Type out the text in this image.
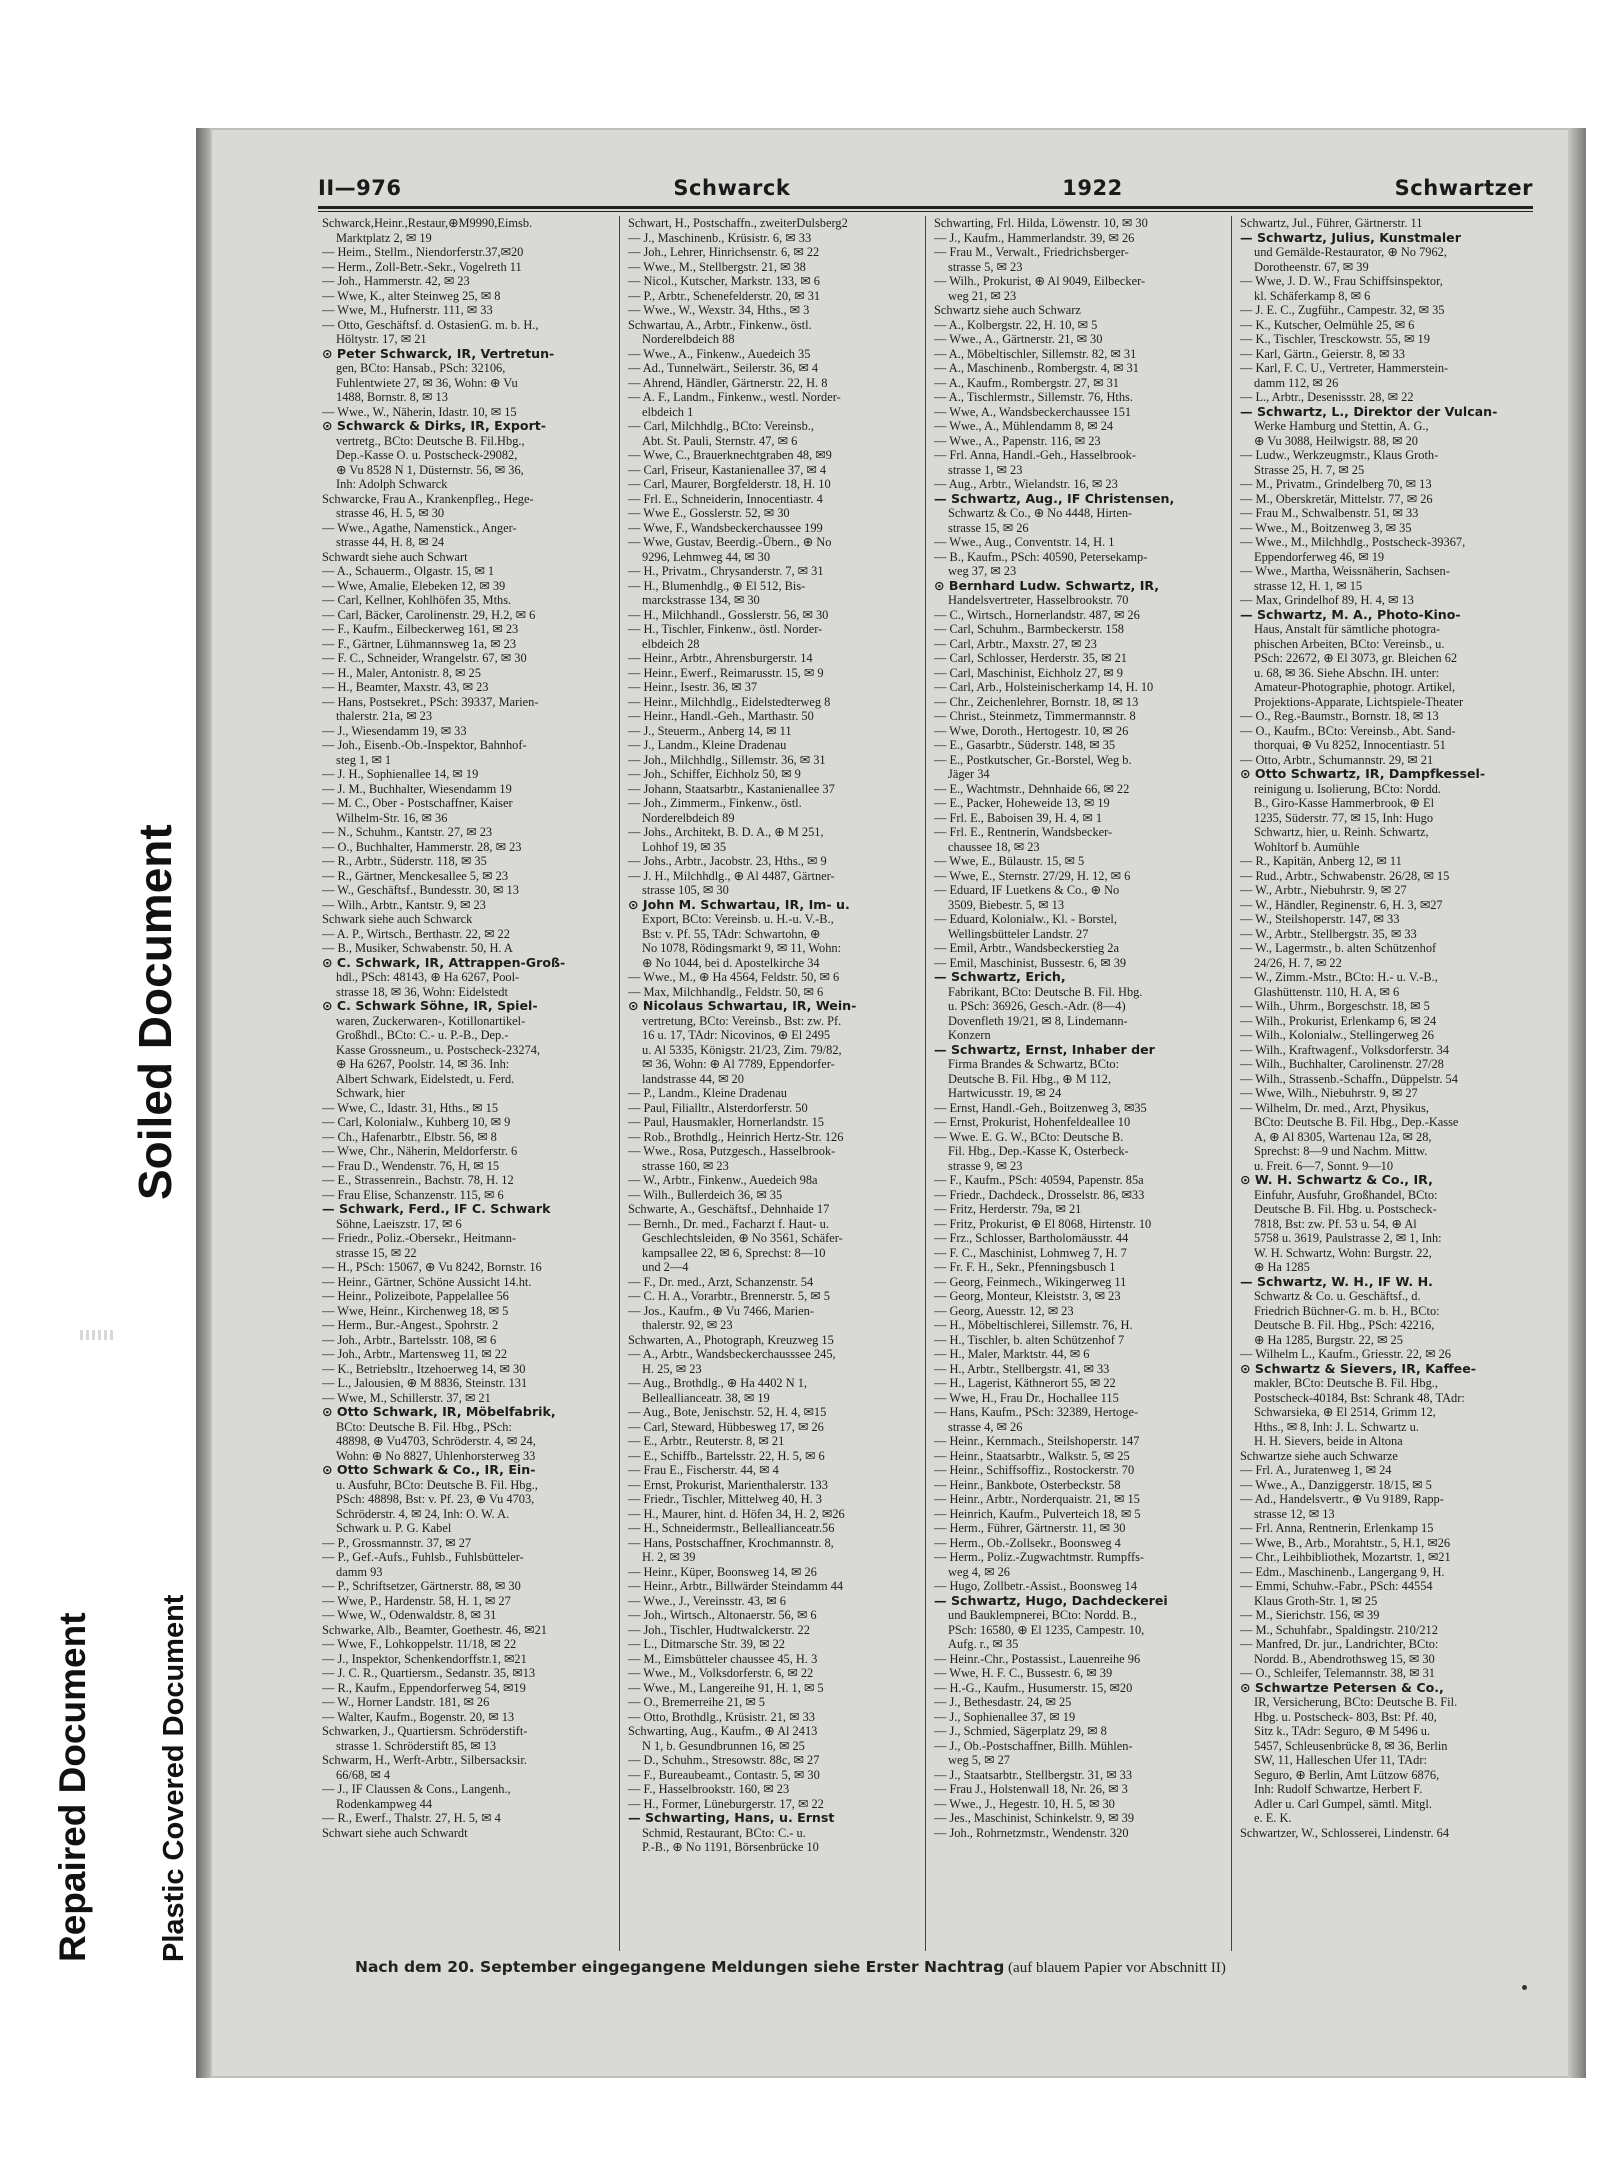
II—976	Schwarck	1922	Schwartzer
Schwarck,Heinr.,Restaur,⊕M9990,Eimsb.
Marktplatz 2, ✉ 19
— Heim., Stellm., Niendorferstr.37,✉20
— Herm., Zoll-Betr.-Sekr., Vogelreth 11
— Joh., Hammerstr. 42, ✉ 23
— Wwe, K., alter Steinweg 25, ✉ 8
— Wwe, M., Hufnerstr. 111, ✉ 33
— Otto, Geschäftsf. d. OstasienG. m. b. H.,
Höltystr. 17, ✉ 21
⊙ Peter Schwarck, IR, Vertretun-
gen, BCto: Hansab., PSch: 32106,
Fuhlentwiete 27, ✉ 36, Wohn: ⊕ Vu
1488, Bornstr. 8, ✉ 13
— Wwe., W., Näherin, Idastr. 10, ✉ 15
⊙ Schwarck & Dirks, IR, Export-
vertretg., BCto: Deutsche B. Fil.Hbg.,
Dep.-Kasse O. u. Postscheck-29082,
⊕ Vu 8528 N 1, Düsternstr. 56, ✉ 36,
Inh: Adolph Schwarck
Schwarcke, Frau A., Krankenpfleg., Hege-
strasse 46, H. 5, ✉ 30
— Wwe., Agathe, Namenstick., Anger-
strasse 44, H. 8, ✉ 24
Schwardt siehe auch Schwart
— A., Schauerm., Olgastr. 15, ✉ 1
— Wwe, Amalie, Elebeken 12, ✉ 39
— Carl, Kellner, Kohlhöfen 35, Mths.
— Carl, Bäcker, Carolinenstr. 29, H.2, ✉ 6
— F., Kaufm., Eilbeckerweg 161, ✉ 23
— F., Gärtner, Lühmannsweg 1a, ✉ 23
— F. C., Schneider, Wrangelstr. 67, ✉ 30
— H., Maler, Antonistr. 8, ✉ 25
— H., Beamter, Maxstr. 43, ✉ 23
— Hans, Postsekret., PSch: 39337, Marien-
thalerstr. 21a, ✉ 23
— J., Wiesendamm 19, ✉ 33
— Joh., Eisenb.-Ob.-Inspektor, Bahnhof-
steg 1, ✉ 1
— J. H., Sophienallee 14, ✉ 19
— J. M., Buchhalter, Wiesendamm 19
— M. C., Ober - Postschaffner, Kaiser
Wilhelm-Str. 16, ✉ 36
— N., Schuhm., Kantstr. 27, ✉ 23
— O., Buchhalter, Hammerstr. 28, ✉ 23
— R., Arbtr., Süderstr. 118, ✉ 35
— R., Gärtner, Menckesallee 5, ✉ 23
— W., Geschäftsf., Bundesstr. 30, ✉ 13
— Wilh., Arbtr., Kantstr. 9, ✉ 23
Schwark siehe auch Schwarck
— A. P., Wirtsch., Berthastr. 22, ✉ 22
— B., Musiker, Schwabenstr. 50, H. A
⊙ C. Schwark, IR, Attrappen-Groß-
hdl., PSch: 48143, ⊕ Ha 6267, Pool-
strasse 18, ✉ 36, Wohn: Eidelstedt
⊙ C. Schwark Söhne, IR, Spiel-
waren, Zuckerwaren-, Kotillonartikel-
Großhdl., BCto: C.- u. P.-B., Dep.-
Kasse Grossneum., u. Postscheck-23274,
⊕ Ha 6267, Poolstr. 14, ✉ 36. Inh:
Albert Schwark, Eidelstedt, u. Ferd.
Schwark, hier
— Wwe, C., Idastr. 31, Hths., ✉ 15
— Carl, Kolonialw., Kuhberg 10, ✉ 9
— Ch., Hafenarbtr., Elbstr. 56, ✉ 8
— Wwe, Chr., Näherin, Meldorferstr. 6
— Frau D., Wendenstr. 76, H, ✉ 15
— E., Strassenrein., Bachstr. 78, H. 12
— Frau Elise, Schanzenstr. 115, ✉ 6
— Schwark, Ferd., IF C. Schwark
Söhne, Laeiszstr. 17, ✉ 6
— Friedr., Poliz.-Obersekr., Heitmann-
strasse 15, ✉ 22
— H., PSch: 15067, ⊕ Vu 8242, Bornstr. 16
— Heinr., Gärtner, Schöne Aussicht 14.ht.
— Heinr., Polizeibote, Pappelallee 56
— Wwe, Heinr., Kirchenweg 18, ✉ 5
— Herm., Bur.-Angest., Spohrstr. 2
— Joh., Arbtr., Bartelsstr. 108, ✉ 6
— Joh., Arbtr., Martensweg 11, ✉ 22
— K., Betriebsltr., Itzehoerweg 14, ✉ 30
— L., Jalousien, ⊕ M 8836, Steinstr. 131
— Wwe, M., Schillerstr. 37, ✉ 21
⊙ Otto Schwark, IR, Möbelfabrik,
BCto: Deutsche B. Fil. Hbg., PSch:
48898, ⊕ Vu4703, Schröderstr. 4, ✉ 24,
Wohn: ⊕ No 8827, Uhlenhorsterweg 33
⊙ Otto Schwark & Co., IR, Ein-
u. Ausfuhr, BCto: Deutsche B. Fil. Hbg.,
PSch: 48898, Bst: v. Pf. 23, ⊕ Vu 4703,
Schröderstr. 4, ✉ 24, Inh: O. W. A.
Schwark u. P. G. Kabel
— P., Grossmannstr. 37, ✉ 27
— P., Gef.-Aufs., Fuhlsb., Fuhlsbütteler-
damm 93
— P., Schriftsetzer, Gärtnerstr. 88, ✉ 30
— Wwe, P., Hardenstr. 58, H. 1, ✉ 27
— Wwe, W., Odenwaldstr. 8, ✉ 31
Schwarke, Alb., Beamter, Goethestr. 46, ✉21
— Wwe, F., Lohkoppelstr. 11/18, ✉ 22
— J., Inspektor, Schenkendorffstr.1, ✉21
— J. C. R., Quartiersm., Sedanstr. 35, ✉13
— R., Kaufm., Eppendorferweg 54, ✉19
— W., Horner Landstr. 181, ✉ 26
— Walter, Kaufm., Bogenstr. 20, ✉ 13
Schwarken, J., Quartiersm. Schröderstift-
strasse 1. Schröderstift 85, ✉ 13
Schwarm, H., Werft-Arbtr., Silbersacksir.
66/68, ✉ 4
— J., IF Claussen & Cons., Langenh.,
Rodenkampweg 44
— R., Ewerf., Thalstr. 27, H. 5, ✉ 4
Schwart siehe auch Schwardt
Schwart, H., Postschaffn., zweiterDulsberg2
— J., Maschinenb., Krüsistr. 6, ✉ 33
— Joh., Lehrer, Hinrichsenstr. 6, ✉ 22
— Wwe., M., Stellbergstr. 21, ✉ 38
— Nicol., Kutscher, Markstr. 133, ✉ 6
— P., Arbtr., Schenefelderstr. 20, ✉ 31
— Wwe., W., Wexstr. 34, Hths., ✉ 3
Schwartau, A., Arbtr., Finkenw., östl.
Norderelbdeich 88
— Wwe., A., Finkenw., Auedeich 35
— Ad., Tunnelwärt., Seilerstr. 36, ✉ 4
— Ahrend, Händler, Gärtnerstr. 22, H. 8
— A. F., Landm., Finkenw., westl. Norder-
elbdeich 1
— Carl, Milchhdlg., BCto: Vereinsb.,
Abt. St. Pauli, Sternstr. 47, ✉ 6
— Wwe, C., Brauerknechtgraben 48, ✉9
— Carl, Friseur, Kastanienallee 37, ✉ 4
— Carl, Maurer, Borgfelderstr. 18, H. 10
— Frl. E., Schneiderin, Innocentiastr. 4
— Wwe E., Gosslerstr. 52, ✉ 30
— Wwe, F., Wandsbeckerchaussee 199
— Wwe, Gustav, Beerdig.-Übern., ⊕ No
9296, Lehmweg 44, ✉ 30
— H., Privatm., Chrysanderstr. 7, ✉ 31
— H., Blumenhdlg., ⊕ El 512, Bis-
marckstrasse 134, ✉ 30
— H., Milchhandl., Gosslerstr. 56, ✉ 30
— H., Tischler, Finkenw., östl. Norder-
elbdeich 28
— Heinr., Arbtr., Ahrensburgerstr. 14
— Heinr., Ewerf., Reimarusstr. 15, ✉ 9
— Heinr., Isestr. 36, ✉ 37
— Heinr., Milchhdlg., Eidelstedterweg 8
— Heinr., Handl.-Geh., Marthastr. 50
— J., Steuerm., Anberg 14, ✉ 11
— J., Landm., Kleine Dradenau
— Joh., Milchhdlg., Sillemstr. 36, ✉ 31
— Joh., Schiffer, Eichholz 50, ✉ 9
— Johann, Staatsarbtr., Kastanienallee 37
— Joh., Zimmerm., Finkenw., östl.
Norderelbdeich 89
— Johs., Architekt, B. D. A., ⊕ M 251,
Lohhof 19, ✉ 35
— Johs., Arbtr., Jacobstr. 23, Hths., ✉ 9
— J. H., Milchhdlg., ⊕ Al 4487, Gärtner-
strasse 105, ✉ 30
⊙ John M. Schwartau, IR, Im- u.
Export, BCto: Vereinsb. u. H.-u. V.-B.,
Bst: v. Pf. 55, TAdr: Schwartohn, ⊕
No 1078, Rödingsmarkt 9, ✉ 11, Wohn:
⊕ No 1044, bei d. Apostelkirche 34
— Wwe., M., ⊕ Ha 4564, Feldstr. 50, ✉ 6
— Max, Milchhandlg., Feldstr. 50, ✉ 6
⊙ Nicolaus Schwartau, IR, Wein-
vertretung, BCto: Vereinsb., Bst: zw. Pf.
16 u. 17, TAdr: Nicovinos, ⊕ El 2495
u. Al 5335, Königstr. 21/23, Zim. 79/82,
✉ 36, Wohn: ⊕ Al 7789, Eppendorfer-
landstrasse 44, ✉ 20
— P., Landm., Kleine Dradenau
— Paul, Filialltr., Alsterdorferstr. 50
— Paul, Hausmakler, Hornerlandstr. 15
— Rob., Brothdlg., Heinrich Hertz-Str. 126
— Wwe., Rosa, Putzgesch., Hasselbrook-
strasse 160, ✉ 23
— W., Arbtr., Finkenw., Auedeich 98a
— Wilh., Bullerdeich 36, ✉ 35
Schwarte, A., Geschäftsf., Dehnhaide 17
— Bernh., Dr. med., Facharzt f. Haut- u.
Geschlechtsleiden, ⊕ No 3561, Schäfer-
kampsallee 22, ✉ 6, Sprechst: 8—10
und 2—4
— F., Dr. med., Arzt, Schanzenstr. 54
— C. H. A., Vorarbtr., Brennerstr. 5, ✉ 5
— Jos., Kaufm., ⊕ Vu 7466, Marien-
thalerstr. 92, ✉ 23
Schwarten, A., Photograph, Kreuzweg 15
— A., Arbtr., Wandsbeckerchausssee 245,
H. 25, ✉ 23
— Aug., Brothdlg., ⊕ Ha 4402 N 1,
Belleallianceatr. 38, ✉ 19
— Aug., Bote, Jenischstr. 52, H. 4, ✉15
— Carl, Steward, Hübbesweg 17, ✉ 26
— E., Arbtr., Reuterstr. 8, ✉ 21
— E., Schiffb., Bartelsstr. 22, H. 5, ✉ 6
— Frau E., Fischerstr. 44, ✉ 4
— Ernst, Prokurist, Marienthalerstr. 133
— Friedr., Tischler, Mittelweg 40, H. 3
— H., Maurer, hint. d. Höfen 34, H. 2, ✉26
— H., Schneidermstr., Belleallianceatr.56
— Hans, Postschaffner, Krochmannstr. 8,
H. 2, ✉ 39
— Heinr., Küper, Boonsweg 14, ✉ 26
— Heinr., Arbtr., Billwärder Steindamm 44
— Wwe., J., Vereinsstr. 43, ✉ 6
— Joh., Wirtsch., Altonaerstr. 56, ✉ 6
— Joh., Tischler, Hudtwalckerstr. 22
— L., Ditmarsche Str. 39, ✉ 22
— M., Eimsbütteler chaussee 45, H. 3
— Wwe., M., Volksdorferstr. 6, ✉ 22
— Wwe., M., Langereihe 91, H. 1, ✉ 5
— O., Bremerreihe 21, ✉ 5
— Otto, Brothdlg., Krüsistr. 21, ✉ 33
Schwarting, Aug., Kaufm., ⊕ Al 2413
N 1, b. Gesundbrunnen 16, ✉ 25
— D., Schuhm., Stresowstr. 88c, ✉ 27
— F., Bureaubeamt., Contastr. 5, ✉ 30
— F., Hasselbrookstr. 160, ✉ 23
— H., Former, Lüneburgerstr. 17, ✉ 22
— Schwarting, Hans, u. Ernst
Schmid, Restaurant, BCto: C.- u.
P.-B., ⊕ No 1191, Börsenbrücke 10
Schwarting, Frl. Hilda, Löwenstr. 10, ✉ 30
— J., Kaufm., Hammerlandstr. 39, ✉ 26
— Frau M., Verwalt., Friedrichsberger-
strasse 5, ✉ 23
— Wilh., Prokurist, ⊕ Al 9049, Eilbecker-
weg 21, ✉ 23
Schwartz siehe auch Schwarz
— A., Kolbergstr. 22, H. 10, ✉ 5
— Wwe., A., Gärtnerstr. 21, ✉ 30
— A., Möbeltischler, Sillemstr. 82, ✉ 31
— A., Maschinenb., Rombergstr. 4, ✉ 31
— A., Kaufm., Rombergstr. 27, ✉ 31
— A., Tischlermstr., Sillemstr. 76, Hths.
— Wwe, A., Wandsbeckerchaussee 151
— Wwe., A., Mühlendamm 8, ✉ 24
— Wwe., A., Papenstr. 116, ✉ 23
— Frl. Anna, Handl.-Geh., Hasselbrook-
strasse 1, ✉ 23
— Aug., Arbtr., Wielandstr. 16, ✉ 23
— Schwartz, Aug., IF Christensen,
Schwartz & Co., ⊕ No 4448, Hirten-
strasse 15, ✉ 26
— Wwe., Aug., Conventstr. 14, H. 1
— B., Kaufm., PSch: 40590, Petersekamp-
weg 37, ✉ 23
⊙ Bernhard Ludw. Schwartz, IR,
Handelsvertreter, Hasselbrookstr. 70
— C., Wirtsch., Hornerlandstr. 487, ✉ 26
— Carl, Schuhm., Barmbeckerstr. 158
— Carl, Arbtr., Maxstr. 27, ✉ 23
— Carl, Schlosser, Herderstr. 35, ✉ 21
— Carl, Maschinist, Eichholz 27, ✉ 9
— Carl, Arb., Holsteinischerkamp 14, H. 10
— Chr., Zeichenlehrer, Bornstr. 18, ✉ 13
— Christ., Steinmetz, Timmermannstr. 8
— Wwe, Doroth., Hertogestr. 10, ✉ 26
— E., Gasarbtr., Süderstr. 148, ✉ 35
— E., Postkutscher, Gr.-Borstel, Weg b.
Jäger 34
— E., Wachtmstr., Dehnhaide 66, ✉ 22
— E., Packer, Hoheweide 13, ✉ 19
— Frl. E., Baboisen 39, H. 4, ✉ 1
— Frl. E., Rentnerin, Wandsbecker-
chaussee 18, ✉ 23
— Wwe, E., Bülaustr. 15, ✉ 5
— Wwe, E., Sternstr. 27/29, H. 12, ✉ 6
— Eduard, IF Luetkens & Co., ⊕ No
3509, Biebestr. 5, ✉ 13
— Eduard, Kolonialw., Kl. - Borstel,
Wellingsbütteler Landstr. 27
— Emil, Arbtr., Wandsbeckerstieg 2a
— Emil, Maschinist, Bussestr. 6, ✉ 39
— Schwartz, Erich,
Fabrikant, BCto: Deutsche B. Fil. Hbg.
u. PSch: 36926, Gesch.-Adr. (8—4)
Dovenfleth 19/21, ✉ 8, Lindemann-
Konzern
— Schwartz, Ernst, Inhaber der
Firma Brandes & Schwartz, BCto:
Deutsche B. Fil. Hbg., ⊕ M 112,
Hartwicusstr. 19, ✉ 24
— Ernst, Handl.-Geh., Boitzenweg 3, ✉35
— Ernst, Prokurist, Hohenfeldeallee 10
— Wwe. E. G. W., BCto: Deutsche B.
Fil. Hbg., Dep.-Kasse K, Osterbeck-
strasse 9, ✉ 23
— F., Kaufm., PSch: 40594, Papenstr. 85a
— Friedr., Dachdeck., Drosselstr. 86, ✉33
— Fritz, Herderstr. 79a, ✉ 21
— Fritz, Prokurist, ⊕ El 8068, Hirtenstr. 10
— Frz., Schlosser, Bartholomäusstr. 44
— F. C., Maschinist, Lohmweg 7, H. 7
— Fr. F. H., Sekr., Pfenningsbusch 1
— Georg, Feinmech., Wikingerweg 11
— Georg, Monteur, Kleiststr. 3, ✉ 23
— Georg, Auesstr. 12, ✉ 23
— H., Möbeltischlerei, Sillemstr. 76, H.
— H., Tischler, b. alten Schützenhof 7
— H., Maler, Marktstr. 44, ✉ 6
— H., Arbtr., Stellbergstr. 41, ✉ 33
— H., Lagerist, Käthnerort 55, ✉ 22
— Wwe, H., Frau Dr., Hochallee 115
— Hans, Kaufm., PSch: 32389, Hertoge-
strasse 4, ✉ 26
— Heinr., Kernmach., Steilshoperstr. 147
— Heinr., Staatsarbtr., Walkstr. 5, ✉ 25
— Heinr., Schiffsoffiz., Rostockerstr. 70
— Heinr., Bankbote, Osterbeckstr. 58
— Heinr., Arbtr., Norderquaistr. 21, ✉ 15
— Heinrich, Kaufm., Pulverteich 18, ✉ 5
— Herm., Führer, Gärtnerstr. 11, ✉ 30
— Herm., Ob.-Zollsekr., Boonsweg 4
— Herm., Poliz.-Zugwachtmstr. Rumpffs-
weg 4, ✉ 26
— Hugo, Zollbetr.-Assist., Boonsweg 14
— Schwartz, Hugo, Dachdeckerei
und Bauklempnerei, BCto: Nordd. B.,
PSch: 16580, ⊕ El 1235, Campestr. 10,
Aufg. r., ✉ 35
— Heinr.-Chr., Postassist., Lauenreihe 96
— Wwe, H. F. C., Bussestr. 6, ✉ 39
— H.-G., Kaufm., Husumerstr. 15, ✉20
— J., Bethesdastr. 24, ✉ 25
— J., Sophienallee 37, ✉ 19
— J., Schmied, Sägerplatz 29, ✉ 8
— J., Ob.-Postschaffner, Billh. Mühlen-
weg 5, ✉ 27
— J., Staatsarbtr., Stellbergstr. 31, ✉ 33
— Frau J., Holstenwall 18, Nr. 26, ✉ 3
— Wwe., J., Hegestr. 10, H. 5, ✉ 30
— Jes., Maschinist, Schinkelstr. 9, ✉ 39
— Joh., Rohrnetzmstr., Wendenstr. 320
Schwartz, Jul., Führer, Gärtnerstr. 11
— Schwartz, Julius, Kunstmaler
und Gemälde-Restaurator, ⊕ No 7962,
Dorotheenstr. 67, ✉ 39
— Wwe, J. D. W., Frau Schiffsinspektor,
kl. Schäferkamp 8, ✉ 6
— J. E. C., Zugführ., Campestr. 32, ✉ 35
— K., Kutscher, Oelmühle 25, ✉ 6
— K., Tischler, Tresckowstr. 55, ✉ 19
— Karl, Gärtn., Geierstr. 8, ✉ 33
— Karl, F. C. U., Vertreter, Hammerstein-
damm 112, ✉ 26
— L., Arbtr., Desenissstr. 28, ✉ 22
— Schwartz, L., Direktor der Vulcan-
Werke Hamburg und Stettin, A. G.,
⊕ Vu 3088, Heilwigstr. 88, ✉ 20
— Ludw., Werkzeugmstr., Klaus Groth-
Strasse 25, H. 7, ✉ 25
— M., Privatm., Grindelberg 70, ✉ 13
— M., Oberskretär, Mittelstr. 77, ✉ 26
— Frau M., Schwalbenstr. 51, ✉ 33
— Wwe., M., Boitzenweg 3, ✉ 35
— Wwe., M., Milchhdlg., Postscheck-39367,
Eppendorferweg 46, ✉ 19
— Wwe., Martha, Weissnäherin, Sachsen-
strasse 12, H. 1, ✉ 15
— Max, Grindelhof 89, H. 4, ✉ 13
— Schwartz, M. A., Photo-Kino-
Haus, Anstalt für sämtliche photogra-
phischen Arbeiten, BCto: Vereinsb., u.
PSch: 22672, ⊕ El 3073, gr. Bleichen 62
u. 68, ✉ 36. Siehe Abschn. IH. unter:
Amateur-Photographie, photogr. Artikel,
Projektions-Apparate, Lichtspiele-Theater
— O., Reg.-Baumstr., Bornstr. 18, ✉ 13
— O., Kaufm., BCto: Vereinsb., Abt. Sand-
thorquai, ⊕ Vu 8252, Innocentiastr. 51
— Otto, Arbtr., Schumannstr. 29, ✉ 21
⊙ Otto Schwartz, IR, Dampfkessel-
reinigung u. Isolierung, BCto: Nordd.
B., Giro-Kasse Hammerbrook, ⊕ El
1235, Süderstr. 77, ✉ 15, Inh: Hugo
Schwartz, hier, u. Reinh. Schwartz,
Wohltorf b. Aumühle
— R., Kapitän, Anberg 12, ✉ 11
— Rud., Arbtr., Schwabenstr. 26/28, ✉ 15
— W., Arbtr., Niebuhrstr. 9, ✉ 27
— W., Händler, Reginenstr. 6, H. 3, ✉27
— W., Steilshoperstr. 147, ✉ 33
— W., Arbtr., Stellbergstr. 35, ✉ 33
— W., Lagermstr., b. alten Schützenhof
24/26, H. 7, ✉ 22
— W., Zimm.-Mstr., BCto: H.- u. V.-B.,
Glashüttenstr. 110, H. A, ✉ 6
— Wilh., Uhrm., Borgeschstr. 18, ✉ 5
— Wilh., Prokurist, Erlenkamp 6, ✉ 24
— Wilh., Kolonialw., Stellingerweg 26
— Wilh., Kraftwagenf., Volksdorferstr. 34
— Wilh., Buchhalter, Carolinenstr. 27/28
— Wilh., Strassenb.-Schaffn., Düppelstr. 54
— Wwe, Wilh., Niebuhrstr. 9, ✉ 27
— Wilhelm, Dr. med., Arzt, Physikus,
BCto: Deutsche B. Fil. Hbg., Dep.-Kasse
A, ⊕ Al 8305, Wartenau 12a, ✉ 28,
Sprechst: 8—9 und Nachm. Mittw.
u. Freit. 6—7, Sonnt. 9—10
⊙ W. H. Schwartz & Co., IR,
Einfuhr, Ausfuhr, Großhandel, BCto:
Deutsche B. Fil. Hbg. u. Postscheck-
7818, Bst: zw. Pf. 53 u. 54, ⊕ Al
5758 u. 3619, Paulstrasse 2, ✉ 1, Inh:
W. H. Schwartz, Wohn: Burgstr. 22,
⊕ Ha 1285
— Schwartz, W. H., IF W. H.
Schwartz & Co. u. Geschäftsf., d.
Friedrich Büchner-G. m. b. H., BCto:
Deutsche B. Fil. Hbg., PSch: 42216,
⊕ Ha 1285, Burgstr. 22, ✉ 25
— Wilhelm L., Kaufm., Griesstr. 22, ✉ 26
⊙ Schwartz & Sievers, IR, Kaffee-
makler, BCto: Deutsche B. Fil. Hbg.,
Postscheck-40184, Bst: Schrank 48, TAdr:
Schwarsieka, ⊕ El 2514, Grimm 12,
Hths., ✉ 8, Inh: J. L. Schwartz u.
H. H. Sievers, beide in Altona
Schwartze siehe auch Schwarze
— Frl. A., Juratenweg 1, ✉ 24
— Wwe., A., Danziggerstr. 18/15, ✉ 5
— Ad., Handelsvertr., ⊕ Vu 9189, Rapp-
strasse 12, ✉ 13
— Frl. Anna, Rentnerin, Erlenkamp 15
— Wwe, B., Arb., Morahtstr., 5, H.1, ✉26
— Chr., Leihbibliothek, Mozartstr. 1, ✉21
— Edm., Maschinenb., Langergang 9, H.
— Emmi, Schuhw.-Fabr., PSch: 44554
Klaus Groth-Str. 1, ✉ 25
— M., Sierichstr. 156, ✉ 39
— M., Schuhfabr., Spaldingstr. 210/212
— Manfred, Dr. jur., Landrichter, BCto:
Nordd. B., Abendrothsweg 15, ✉ 30
— O., Schleifer, Telemannstr. 38, ✉ 31
⊙ Schwartze Petersen & Co.,
IR, Versicherung, BCto: Deutsche B. Fil.
Hbg. u. Postscheck- 803, Bst: Pf. 40,
Sitz k., TAdr: Seguro, ⊕ M 5496 u.
5457, Schleusenbrücke 8, ✉ 36, Berlin
SW, 11, Halleschen Ufer 11, TAdr:
Seguro, ⊕ Berlin, Amt Lützow 6876,
Inh: Rudolf Schwartze, Herbert F.
Adler u. Carl Gumpel, sämtl. Mitgl.
e. E. K.
Schwartzer, W., Schlosserei, Lindenstr. 64
Nach dem 20. September eingegangene Meldungen siehe Erster Nachtrag (auf blauem Papier vor Abschnitt II)
Soiled Document
Repaired Document Plastic Covered Document
